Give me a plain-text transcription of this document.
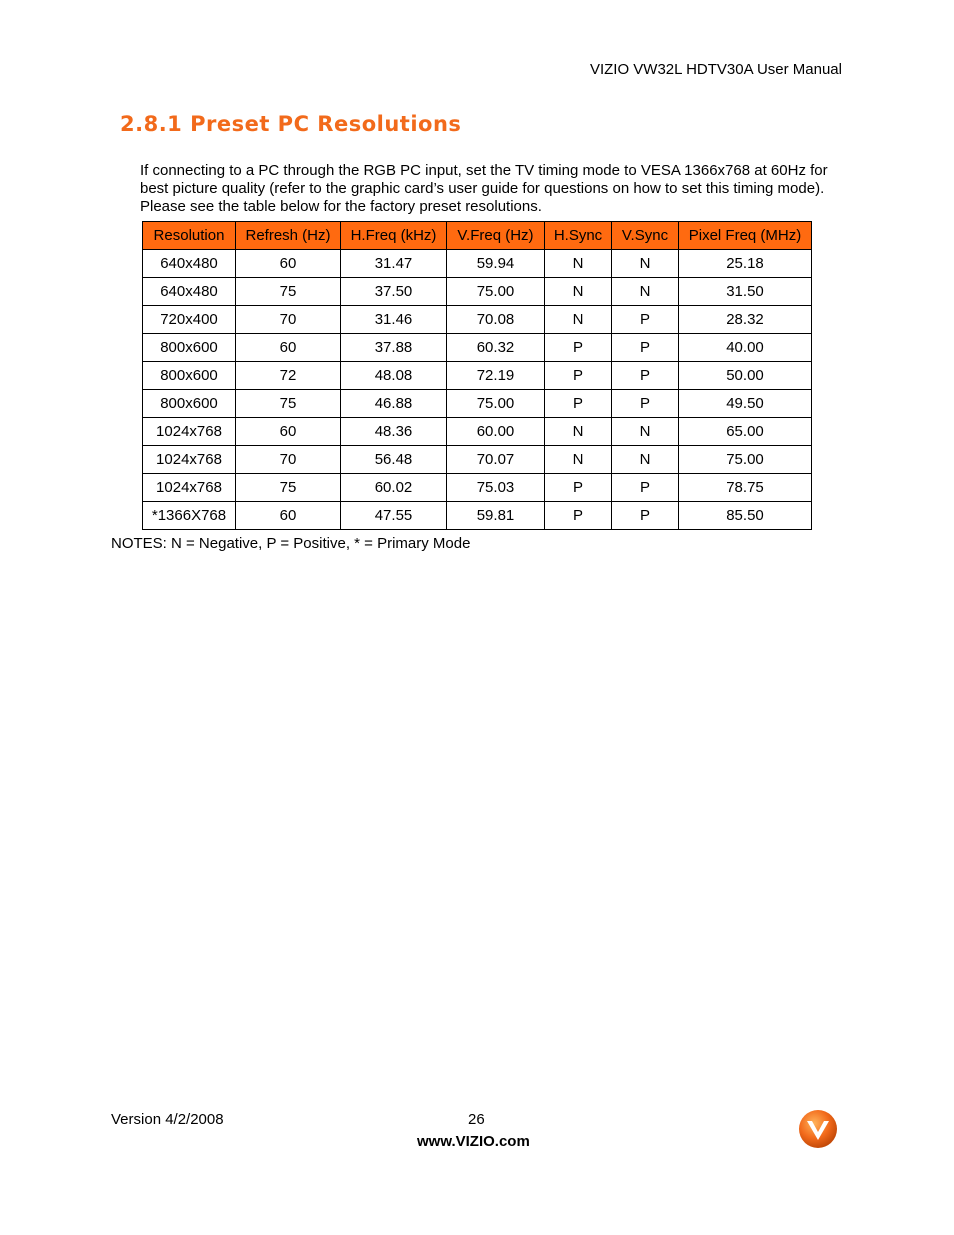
VIZIO VW32L HDTV30A User Manual
2.8.1 Preset PC Resolutions
If connecting to a PC through the RGB PC input, set the TV timing mode to VESA 1366x768 at 60Hz for best picture quality (refer to the graphic card’s user guide for questions on how to set this timing mode). Please see the table below for the factory preset resolutions.
Resolution	Refresh (Hz)	H.Freq (kHz)	V.Freq (Hz)	H.Sync	V.Sync	Pixel Freq (MHz)
640x480	60	31.47	59.94	N	N	25.18
640x480	75	37.50	75.00	N	N	31.50
720x400	70	31.46	70.08	N	P	28.32
800x600	60	37.88	60.32	P	P	40.00
800x600	72	48.08	72.19	P	P	50.00
800x600	75	46.88	75.00	P	P	49.50
1024x768	60	48.36	60.00	N	N	65.00
1024x768	70	56.48	70.07	N	N	75.00
1024x768	75	60.02	75.03	P	P	78.75
*1366X768	60	47.55	59.81	P	P	85.50
NOTES: N = Negative, P = Positive, * = Primary Mode
Version 4/2/2008	26
www.VIZIO.com
